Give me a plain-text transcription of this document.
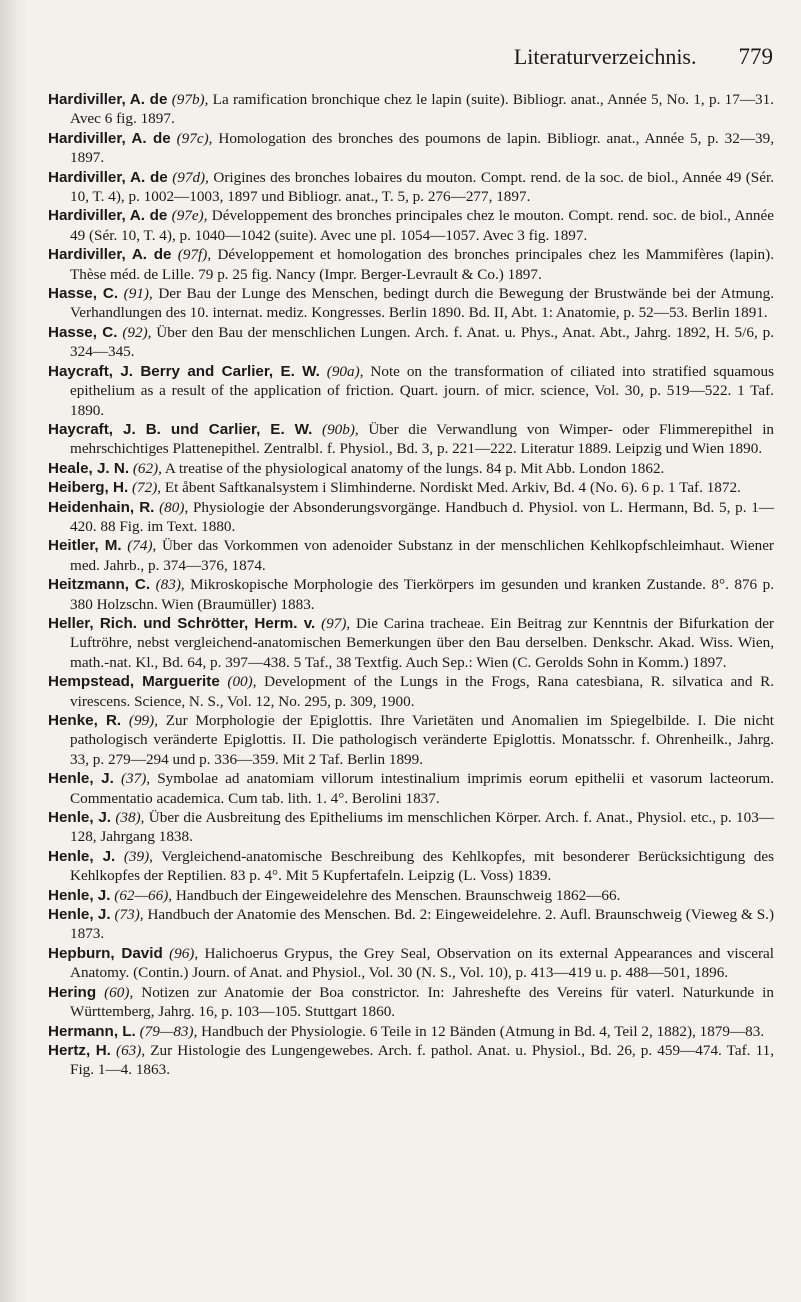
Literaturverzeichnis. 779

Hardiviller, A. de (97b), La ramification bronchique chez le lapin (suite). Bibliogr. anat., Année 5, No. 1, p. 17—31. Avec 6 fig. 1897.

Hardiviller, A. de (97c), Homologation des bronches des poumons de lapin. Bibliogr. anat., Année 5, p. 32—39, 1897.

Hardiviller, A. de (97d), Origines des bronches lobaires du mouton. Compt. rend. de la soc. de biol., Année 49 (Sér. 10, T. 4), p. 1002—1003, 1897 und Bibliogr. anat., T. 5, p. 276—277, 1897.

Hardiviller, A. de (97e), Développement des bronches principales chez le mouton. Compt. rend. soc. de biol., Année 49 (Sér. 10, T. 4), p. 1040—1042 (suite). Avec une pl. 1054—1057. Avec 3 fig. 1897.

Hardiviller, A. de (97f), Développement et homologation des bronches principales chez les Mammifères (lapin). Thèse méd. de Lille. 79 p. 25 fig. Nancy (Impr. Berger-Levrault & Co.) 1897.

Hasse, C. (91), Der Bau der Lunge des Menschen, bedingt durch die Bewegung der Brustwände bei der Atmung. Verhandlungen des 10. internat. mediz. Kongresses. Berlin 1890. Bd. II, Abt. 1: Anatomie, p. 52—53. Berlin 1891.

Hasse, C. (92), Über den Bau der menschlichen Lungen. Arch. f. Anat. u. Phys., Anat. Abt., Jahrg. 1892, H. 5/6, p. 324—345.

Haycraft, J. Berry and Carlier, E. W. (90a), Note on the transformation of ciliated into stratified squamous epithelium as a result of the application of friction. Quart. journ. of micr. science, Vol. 30, p. 519—522. 1 Taf. 1890.

Haycraft, J. B. und Carlier, E. W. (90b), Über die Verwandlung von Wimper- oder Flimmerepithel in mehrschichtiges Plattenepithel. Zentralbl. f. Physiol., Bd. 3, p. 221—222. Literatur 1889. Leipzig und Wien 1890.

Heale, J. N. (62), A treatise of the physiological anatomy of the lungs. 84 p. Mit Abb. London 1862.

Heiberg, H. (72), Et åbent Saftkanalsystem i Slimhinderne. Nordiskt Med. Arkiv, Bd. 4 (No. 6). 6 p. 1 Taf. 1872.

Heidenhain, R. (80), Physiologie der Absonderungsvorgänge. Handbuch d. Physiol. von L. Hermann, Bd. 5, p. 1—420. 88 Fig. im Text. 1880.

Heitler, M. (74), Über das Vorkommen von adenoider Substanz in der menschlichen Kehlkopfschleimhaut. Wiener med. Jahrb., p. 374—376, 1874.

Heitzmann, C. (83), Mikroskopische Morphologie des Tierkörpers im gesunden und kranken Zustande. 8°. 876 p. 380 Holzschn. Wien (Braumüller) 1883.

Heller, Rich. und Schrötter, Herm. v. (97), Die Carina tracheae. Ein Beitrag zur Kenntnis der Bifurkation der Luftröhre, nebst vergleichend-anatomischen Bemerkungen über den Bau derselben. Denkschr. Akad. Wiss. Wien, math.-nat. Kl., Bd. 64, p. 397—438. 5 Taf., 38 Textfig. Auch Sep.: Wien (C. Gerolds Sohn in Komm.) 1897.

Hempstead, Marguerite (00), Development of the Lungs in the Frogs, Rana catesbiana, R. silvatica and R. virescens. Science, N. S., Vol. 12, No. 295, p. 309, 1900.

Henke, R. (99), Zur Morphologie der Epiglottis. Ihre Varietäten und Anomalien im Spiegelbilde. I. Die nicht pathologisch veränderte Epiglottis. II. Die pathologisch veränderte Epiglottis. Monatsschr. f. Ohrenheilk., Jahrg. 33, p. 279—294 und p. 336—359. Mit 2 Taf. Berlin 1899.

Henle, J. (37), Symbolae ad anatomiam villorum intestinalium imprimis eorum epithelii et vasorum lacteorum. Commentatio academica. Cum tab. lith. 1. 4°. Berolini 1837.

Henle, J. (38), Über die Ausbreitung des Epitheliums im menschlichen Körper. Arch. f. Anat., Physiol. etc., p. 103—128, Jahrgang 1838.

Henle, J. (39), Vergleichend-anatomische Beschreibung des Kehlkopfes, mit besonderer Berücksichtigung des Kehlkopfes der Reptilien. 83 p. 4°. Mit 5 Kupfertafeln. Leipzig (L. Voss) 1839.

Henle, J. (62—66), Handbuch der Eingeweidelehre des Menschen. Braunschweig 1862—66.

Henle, J. (73), Handbuch der Anatomie des Menschen. Bd. 2: Eingeweidelehre. 2. Aufl. Braunschweig (Vieweg & S.) 1873.

Hepburn, David (96), Halichoerus Grypus, the Grey Seal, Observation on its external Appearances and visceral Anatomy. (Contin.) Journ. of Anat. and Physiol., Vol. 30 (N. S., Vol. 10), p. 413—419 u. p. 488—501, 1896.

Hering (60), Notizen zur Anatomie der Boa constrictor. In: Jahreshefte des Vereins für vaterl. Naturkunde in Württemberg, Jahrg. 16, p. 103—105. Stuttgart 1860.

Hermann, L. (79—83), Handbuch der Physiologie. 6 Teile in 12 Bänden (Atmung in Bd. 4, Teil 2, 1882), 1879—83.

Hertz, H. (63), Zur Histologie des Lungengewebes. Arch. f. pathol. Anat. u. Physiol., Bd. 26, p. 459—474. Taf. 11, Fig. 1—4. 1863.
